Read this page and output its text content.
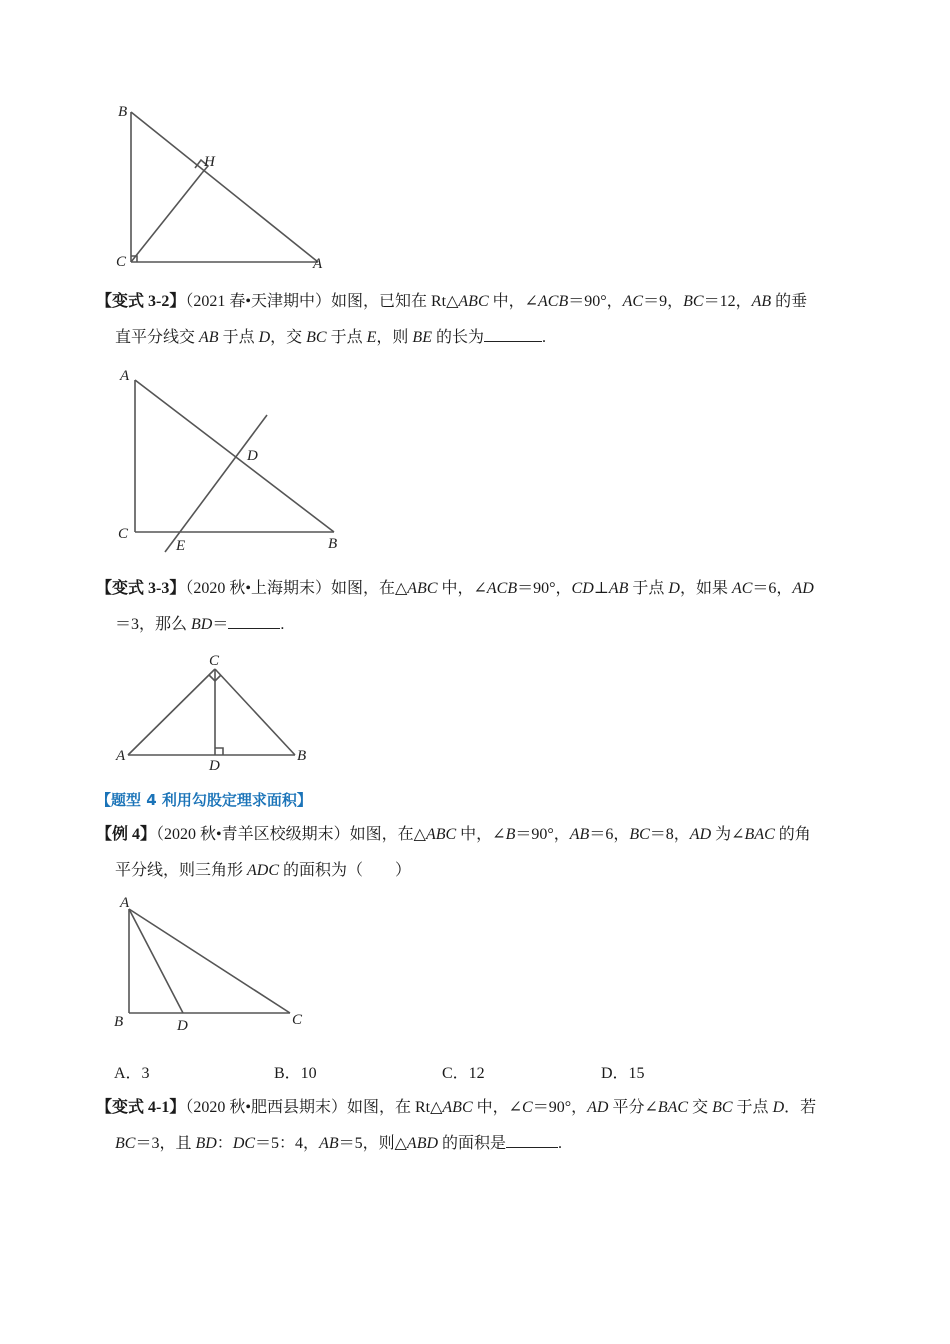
B
H
C	A
【变式 3-2】（2021 春•天津期中）如图，已知在 Rt△ABC 中，∠ACB＝90°，AC＝9，BC＝12，AB 的垂
直平分线交 AB 于点 D，交 BC 于点 E，则 BE 的长为	.
A
D
C
E	B
【变式 3-3】（2020 秋•上海期末）如图，在△ABC 中，∠ACB＝90°，CD⊥AB 于点 D，如果 AC＝6，AD
＝3，那么 BD＝	.
C
A
D
B
【题型 4 利用勾股定理求面积】
【例 4】（2020 秋•青羊区校级期末）如图，在△ABC 中，∠B＝90°，AB＝6，BC＝8，AD 为∠BAC 的角
平分线，则三角形 ADC 的面积为（　　）
A
B	D	C
A．3	B．10	C．12	D．15
【变式 4-1】（2020 秋•肥西县期末）如图，在 Rt△ABC 中，∠C＝90°，AD 平分∠BAC 交 BC 于点 D．若
BC＝3，且 BD：DC＝5：4，AB＝5，则△ABD 的面积是	.
